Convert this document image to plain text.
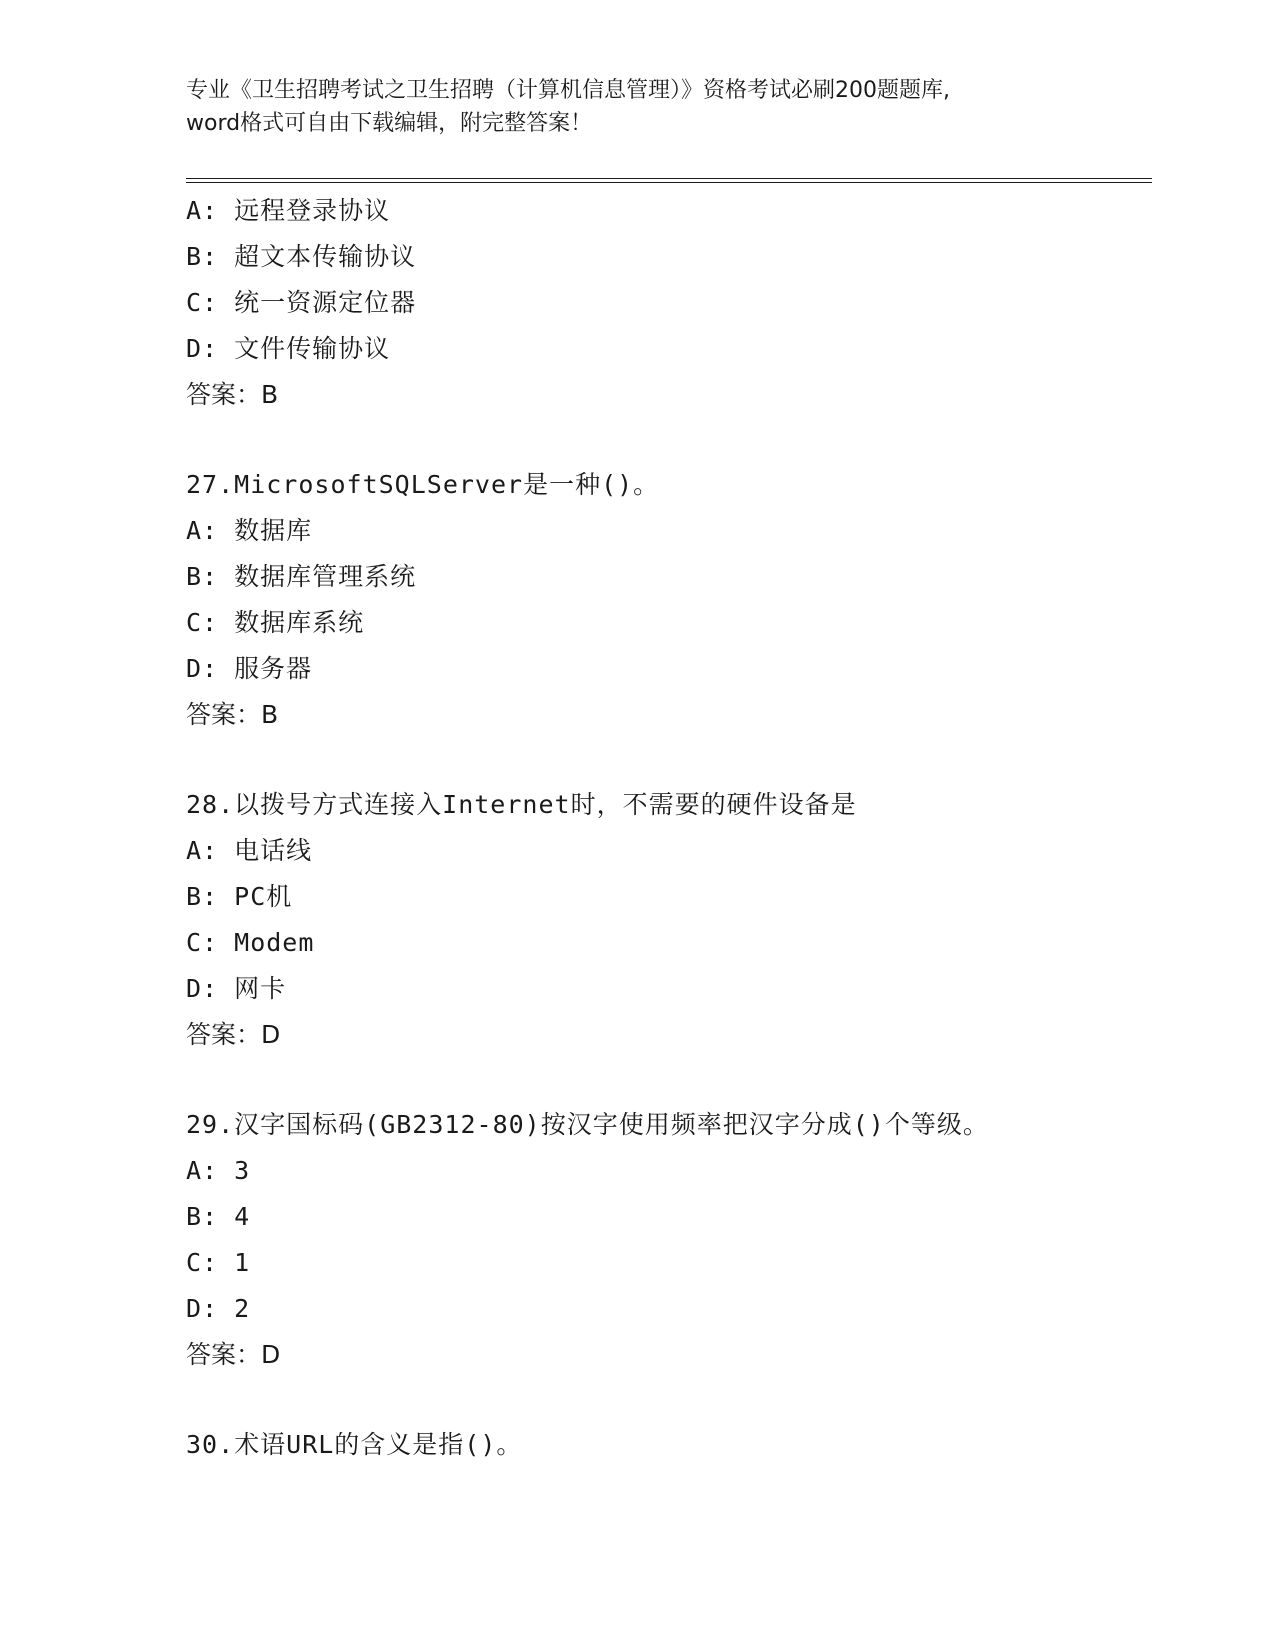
专业《卫生招聘考试之卫生招聘（计算机信息管理）》资格考试必刷200题题库,
word格式可自由下载编辑，附完整答案！
A: 远程登录协议
B: 超文本传输协议
C: 统一资源定位器
D: 文件传输协议
答案：B
27.MicrosoftSQLServer是一种()。
A: 数据库
B: 数据库管理系统
C: 数据库系统
D: 服务器
答案：B
28.以拨号方式连接入Internet时，不需要的硬件设备是
A: 电话线
B: PC机
C: Modem
D: 网卡
答案：D
29.汉字国标码(GB2312-80)按汉字使用频率把汉字分成()个等级。
A: 3
B: 4
C: 1
D: 2
答案：D
30.术语URL的含义是指()。
